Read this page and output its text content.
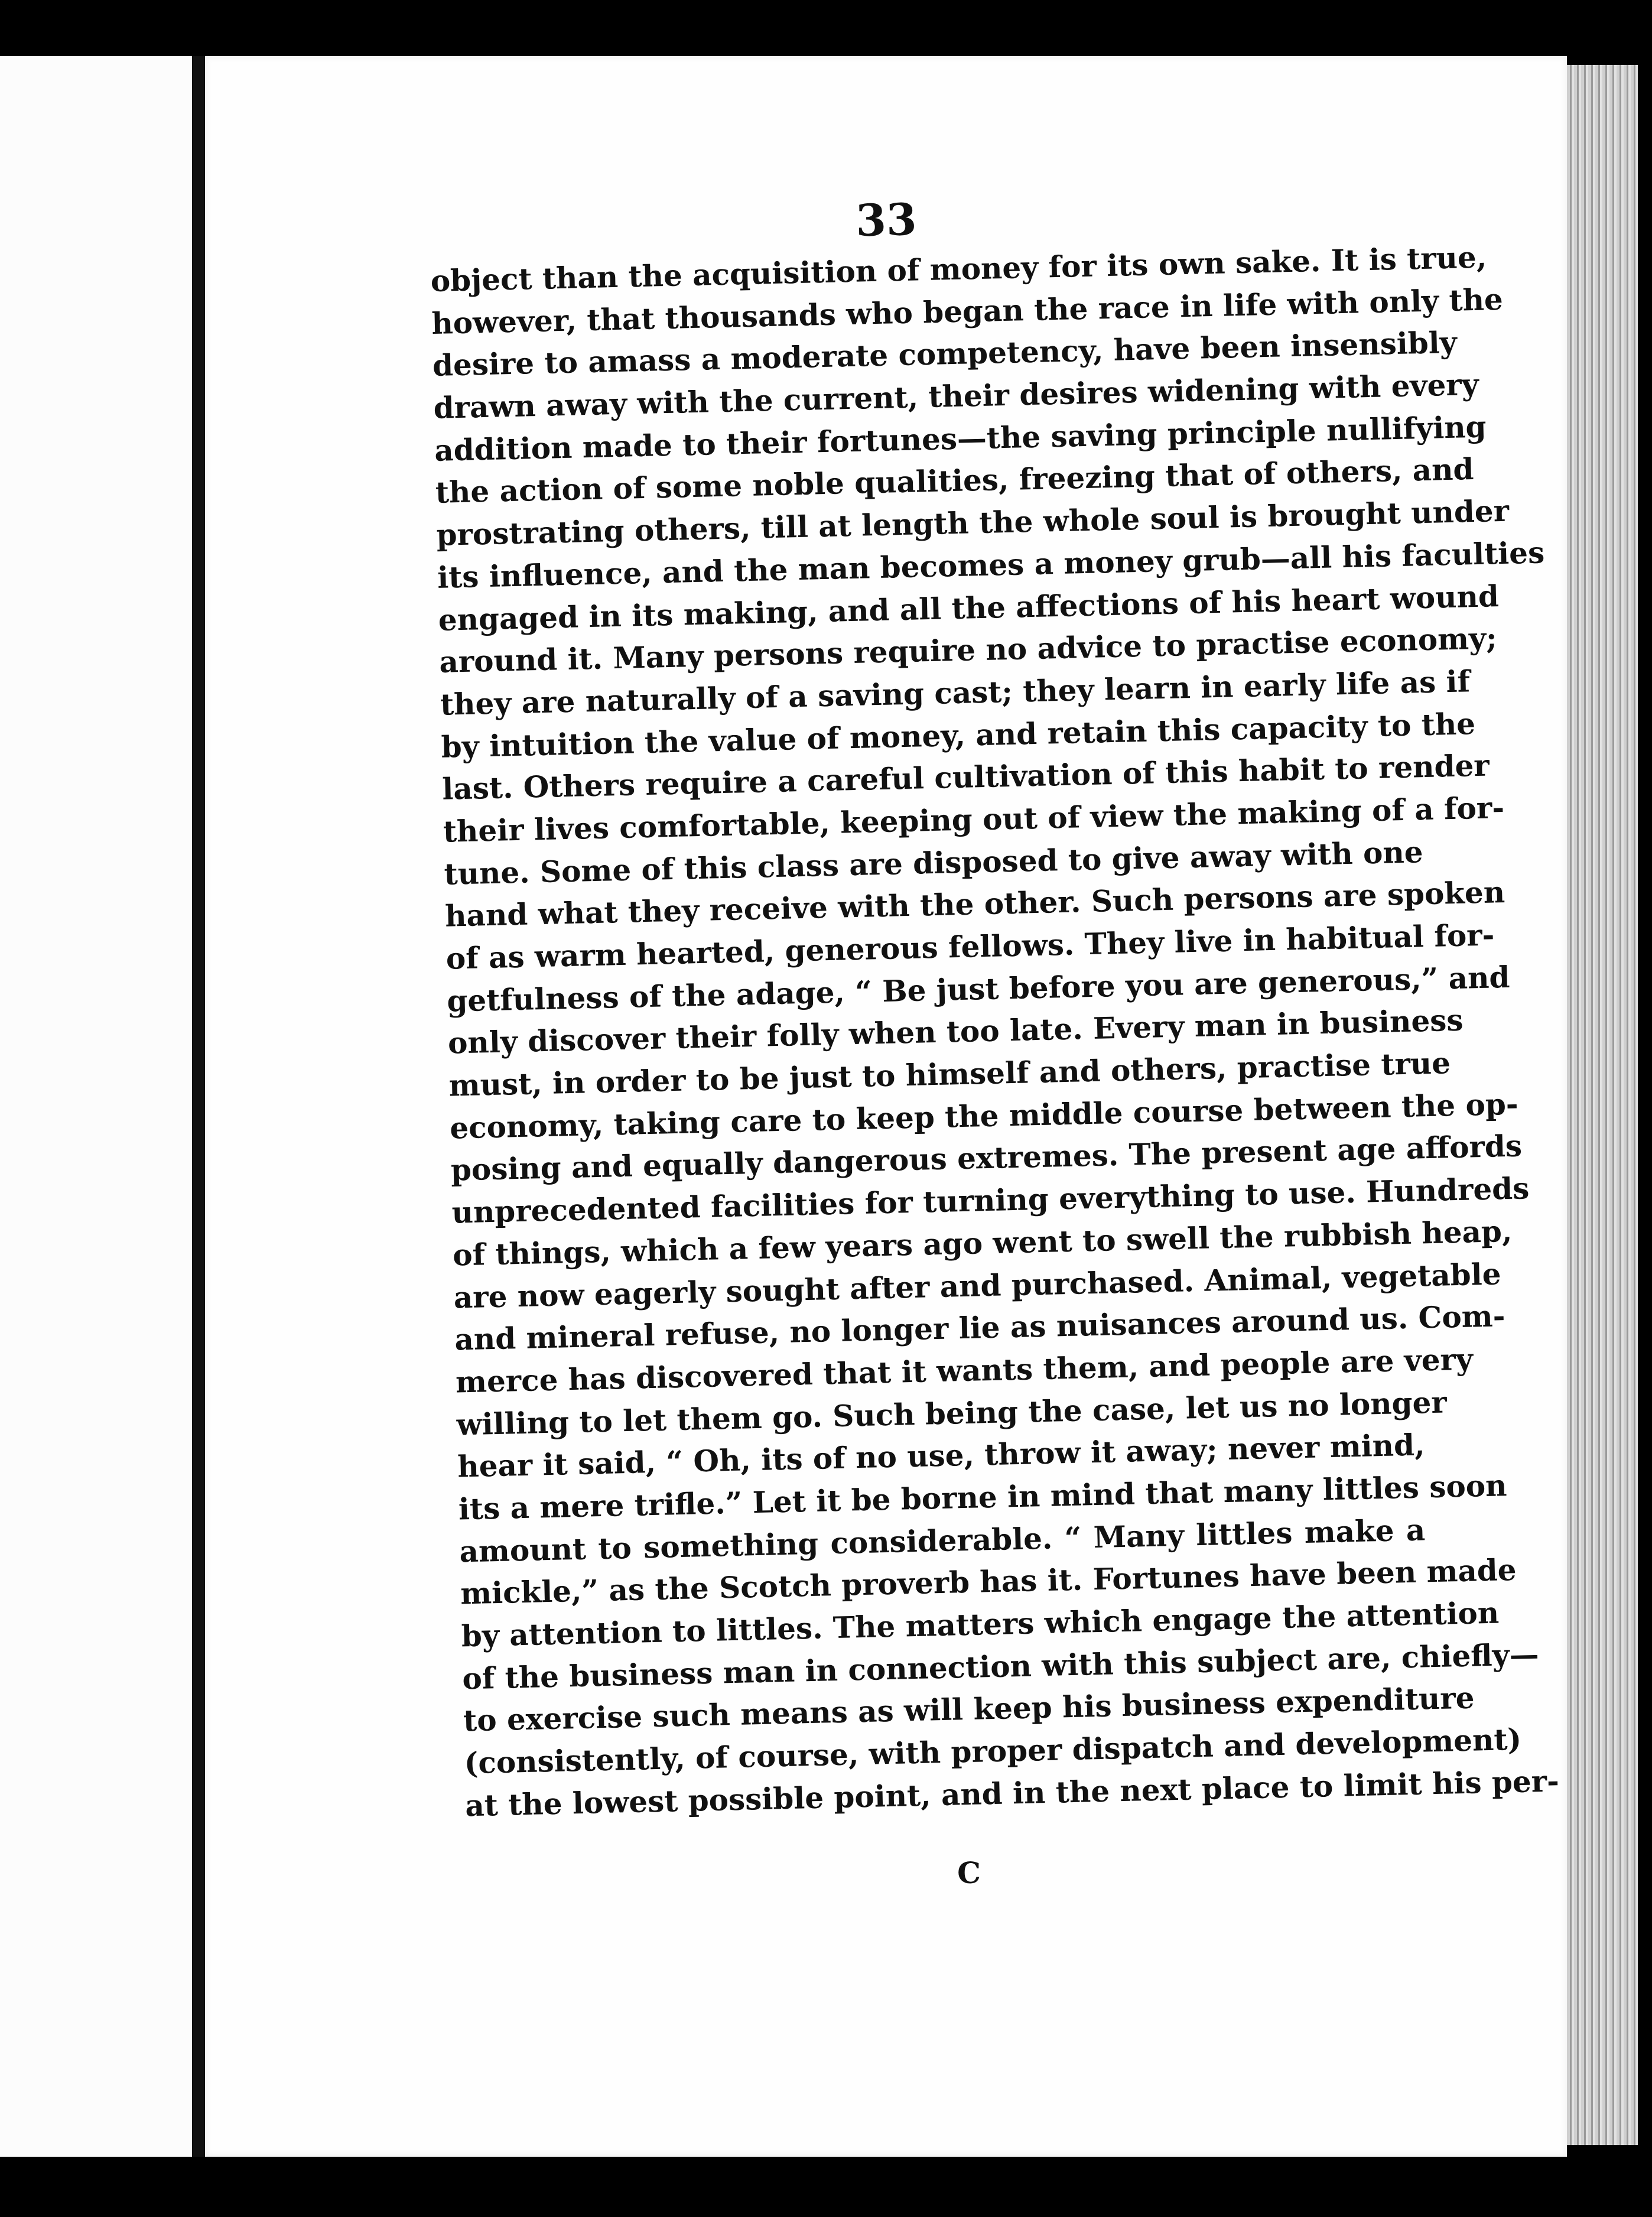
33
object than the acquisition of money for its own sake. It is true,
however, that thousands who began the race in life with only the
desire to amass a moderate competency, have been insensibly
drawn away with the current, their desires widening with every
addition made to their fortunes—the saving principle nullifying
the action of some noble qualities, freezing that of others, and
prostrating others, till at length the whole soul is brought under
its influence, and the man becomes a money grub—all his faculties
engaged in its making, and all the affections of his heart wound
around it. Many persons require no advice to practise economy;
they are naturally of a saving cast; they learn in early life as if
by intuition the value of money, and retain this capacity to the
last. Others require a careful cultivation of this habit to render
their lives comfortable, keeping out of view the making of a for-
tune. Some of this class are disposed to give away with one
hand what they receive with the other. Such persons are spoken
of as warm hearted, generous fellows. They live in habitual for-
getfulness of the adage, “ Be just before you are generous,” and
only discover their folly when too late. Every man in business
must, in order to be just to himself and others, practise true
economy, taking care to keep the middle course between the op-
posing and equally dangerous extremes. The present age affords
unprecedented facilities for turning everything to use. Hundreds
of things, which a few years ago went to swell the rubbish heap,
are now eagerly sought after and purchased. Animal, vegetable
and mineral refuse, no longer lie as nuisances around us. Com-
merce has discovered that it wants them, and people are very
willing to let them go. Such being the case, let us no longer
hear it said, “ Oh, its of no use, throw it away; never mind,
its a mere trifle.” Let it be borne in mind that many littles soon
amount to something considerable. “ Many littles make a
mickle,” as the Scotch proverb has it. Fortunes have been made
by attention to littles. The matters which engage the attention
of the business man in connection with this subject are, chiefly—
to exercise such means as will keep his business expenditure
(consistently, of course, with proper dispatch and development)
at the lowest possible point, and in the next place to limit his per-
C
